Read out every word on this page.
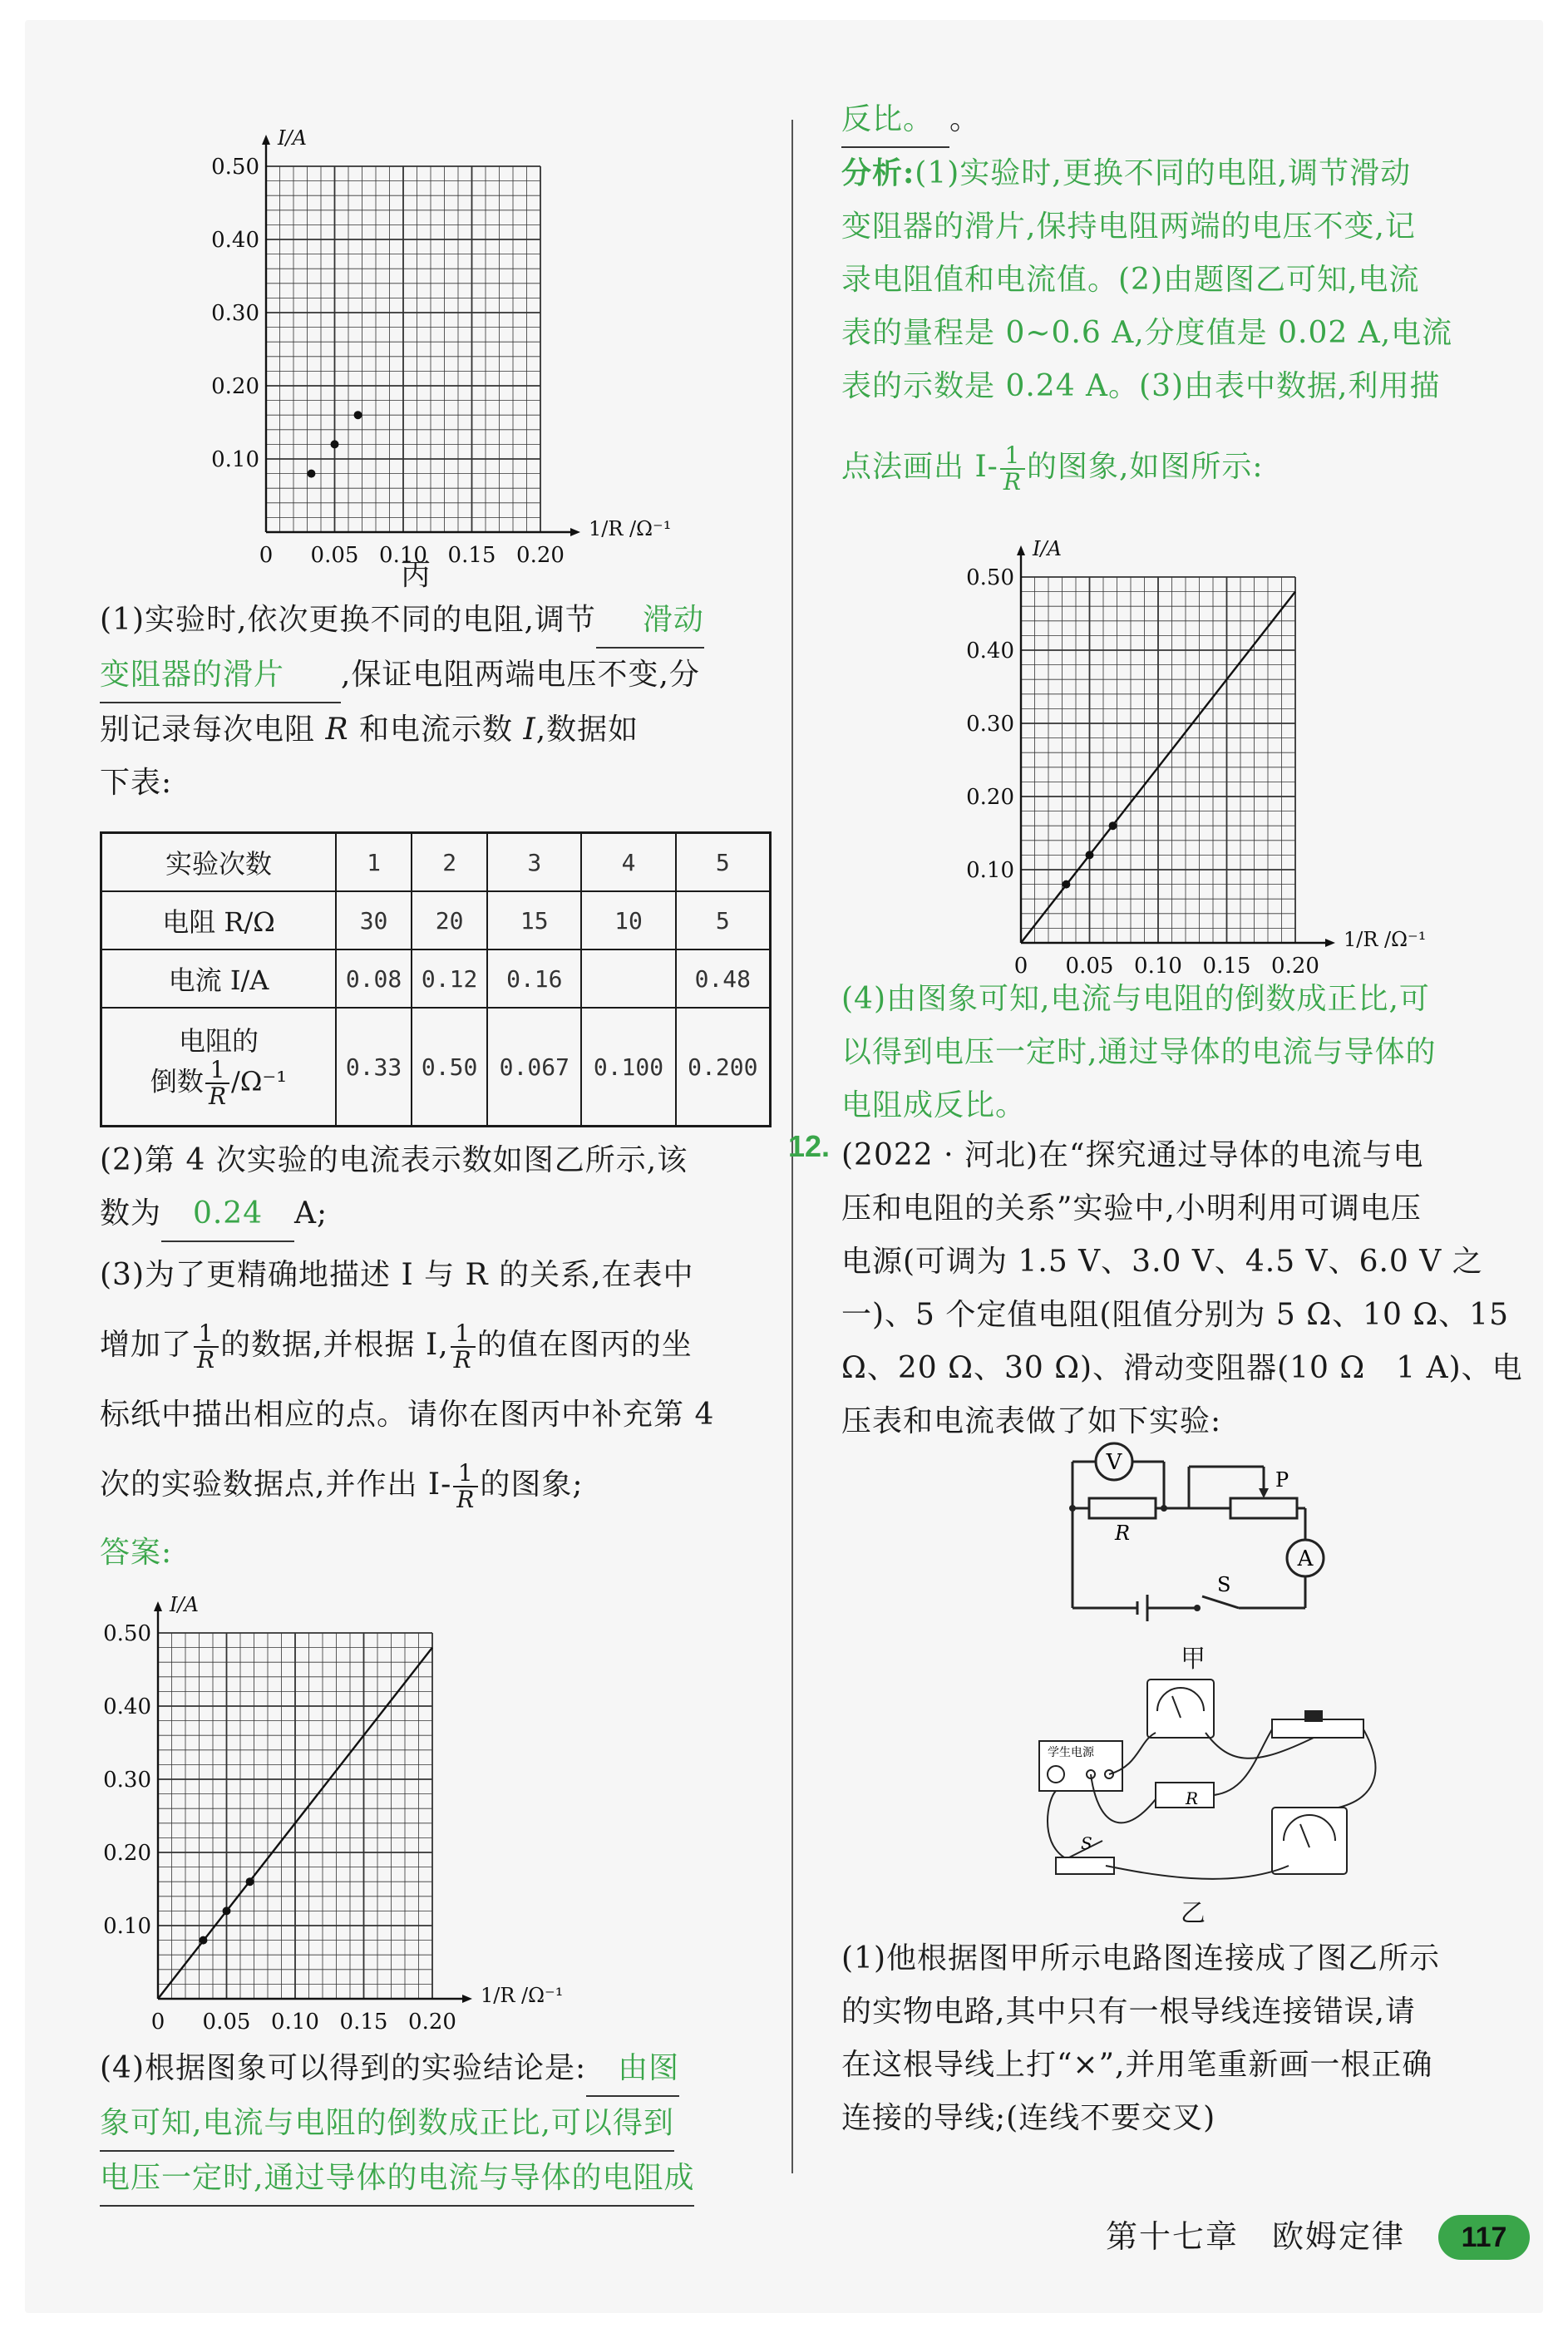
0 0.05 0.10 0.15 0.20
0.10
0.20
0.30
0.40
0.50
I/A
1/R /Ω⁻¹
丙
(1)实验时,依次更换不同的电阻,调节 滑动
变阻器的滑片 ,保证电阻两端电压不变,分
别记录每次电阻 R 和电流示数 I,数据如
下表:
实验次数	1	2	3	4	5
电阻 R/Ω	30	20	15	10	5
电流 I/A	0.08	0.12	0.16		0.48
电阻的
倒数 $\frac{1}{R} /\Omega^{-1}$	0.33	0.50	0.067	0.100	0.200
(2)第 4 次实验的电流表示数如图乙所示,该
数为 0.24 A;
(3)为了更精确地描述 I 与 R 的关系,在表中
增加了 $\frac{1}{R}$ 的数据,并根据 I, $\frac{1}{R}$ 的值在图丙的坐
标纸中描出相应的点。请你在图丙中补充第 4
次的实验数据点,并作出 $I- \frac{1}{R}$ 的图象;
答案:
0 0.05 0.10 0.15 0.20
0.10
0.20
0.30
0.40
0.50
I/A
1/R /Ω⁻¹
(4)根据图象可以得到的实验结论是: 由图
象可知,电流与电阻的倒数成正比,可以得到
电压一定时,通过导体的电流与导体的电阻成
反比。 。
分析:(1)实验时,更换不同的电阻,调节滑动
变阻器的滑片,保持电阻两端的电压不变,记
录电阻值和电流值。(2)由题图乙可知,电流
表的量程是 0~0.6 A,分度值是 0.02 A,电流
表的示数是 0.24 A。(3)由表中数据,利用描
点法画出 $I- \frac{1}{R}$ 的图象,如图所示:
0 0.05 0.10 0.15 0.20
0.10
0.20
0.30
0.40
0.50
I/A
1/R /Ω⁻¹
(4)由图象可知,电流与电阻的倒数成正比,可
以得到电压一定时,通过导体的电流与导体的
电阻成反比。
12. (2022 · 河北)在“探究通过导体的电流与电
压和电阻的关系”实验中,小明利用可调电压
电源(可调为 1.5 V、3.0 V、4.5 V、6.0 V 之
一)、5 个定值电阻(阻值分别为 5 Ω、10 Ω、15
Ω、20 Ω、30 Ω)、滑动变阻器(10 Ω　1 A)、电
压表和电流表做了如下实验:
V
A
R
P
S
甲
学生电源
R
S
乙
(1)他根据图甲所示电路图连接成了图乙所示
的实物电路,其中只有一根导线连接错误,请
在这根导线上打“×”,并用笔重新画一根正确
连接的导线;(连线不要交叉)
第十七章　欧姆定律	117
